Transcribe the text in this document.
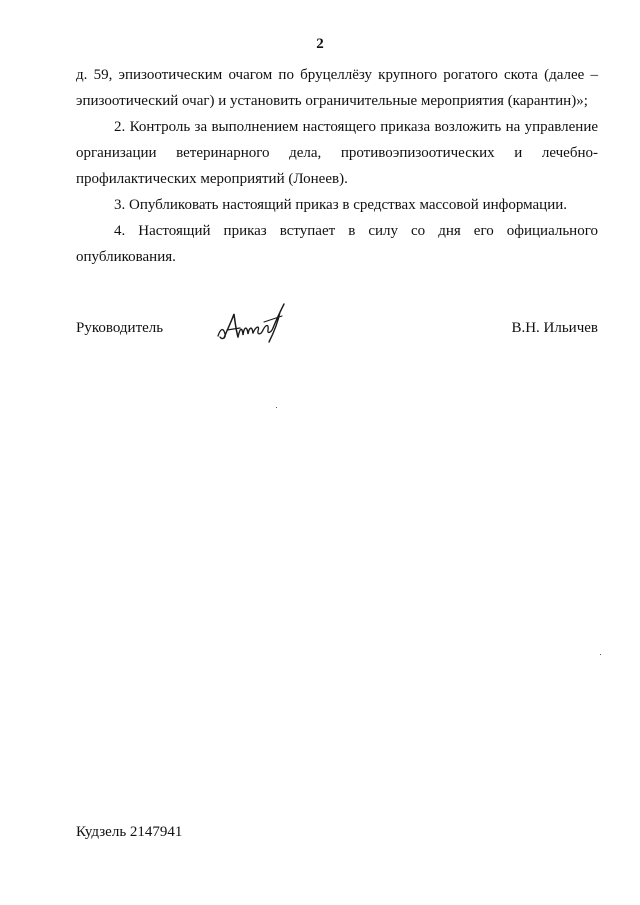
2

д. 59, эпизоотическим очагом по бруцеллёзу крупного рогатого скота (далее – эпизоотический очаг) и установить ограничительные мероприятия (карантин)»;

2. Контроль за выполнением настоящего приказа возложить на управление организации ветеринарного дела, противоэпизоотических и лечебно-профилактических мероприятий (Лонеев).

3. Опубликовать настоящий приказ в средствах массовой информации.

4. Настоящий приказ вступает в силу со дня его официального опубликования.

Руководитель	В.Н. Ильичев
Кудзель 2147941
